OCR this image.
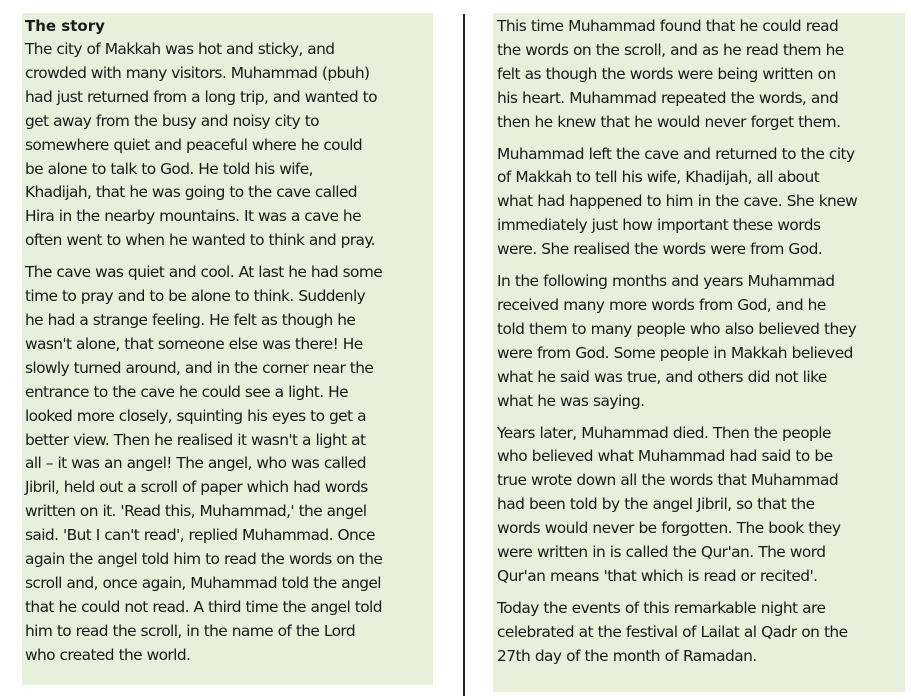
The story

The city of Makkah was hot and sticky, and
crowded with many visitors. Muhammad (pbuh)
had just returned from a long trip, and wanted to
get away from the busy and noisy city to
somewhere quiet and peaceful where he could
be alone to talk to God. He told his wife,
Khadijah, that he was going to the cave called
Hira in the nearby mountains. It was a cave he
often went to when he wanted to think and pray.

The cave was quiet and cool. At last he had some
time to pray and to be alone to think. Suddenly
he had a strange feeling. He felt as though he
wasn't alone, that someone else was there! He
slowly turned around, and in the corner near the
entrance to the cave he could see a light. He
looked more closely, squinting his eyes to get a
better view. Then he realised it wasn't a light at
all – it was an angel! The angel, who was called
Jibril, held out a scroll of paper which had words
written on it. 'Read this, Muhammad,' the angel
said. 'But I can't read', replied Muhammad. Once
again the angel told him to read the words on the
scroll and, once again, Muhammad told the angel
that he could not read. A third time the angel told
him to read the scroll, in the name of the Lord
who created the world.

This time Muhammad found that he could read
the words on the scroll, and as he read them he
felt as though the words were being written on
his heart. Muhammad repeated the words, and
then he knew that he would never forget them.

Muhammad left the cave and returned to the city
of Makkah to tell his wife, Khadijah, all about
what had happened to him in the cave. She knew
immediately just how important these words
were. She realised the words were from God.

In the following months and years Muhammad
received many more words from God, and he
told them to many people who also believed they
were from God. Some people in Makkah believed
what he said was true, and others did not like
what he was saying.

Years later, Muhammad died. Then the people
who believed what Muhammad had said to be
true wrote down all the words that Muhammad
had been told by the angel Jibril, so that the
words would never be forgotten. The book they
were written in is called the Qur'an. The word
Qur'an means 'that which is read or recited'.

Today the events of this remarkable night are
celebrated at the festival of Lailat al Qadr on the
27th day of the month of Ramadan.
